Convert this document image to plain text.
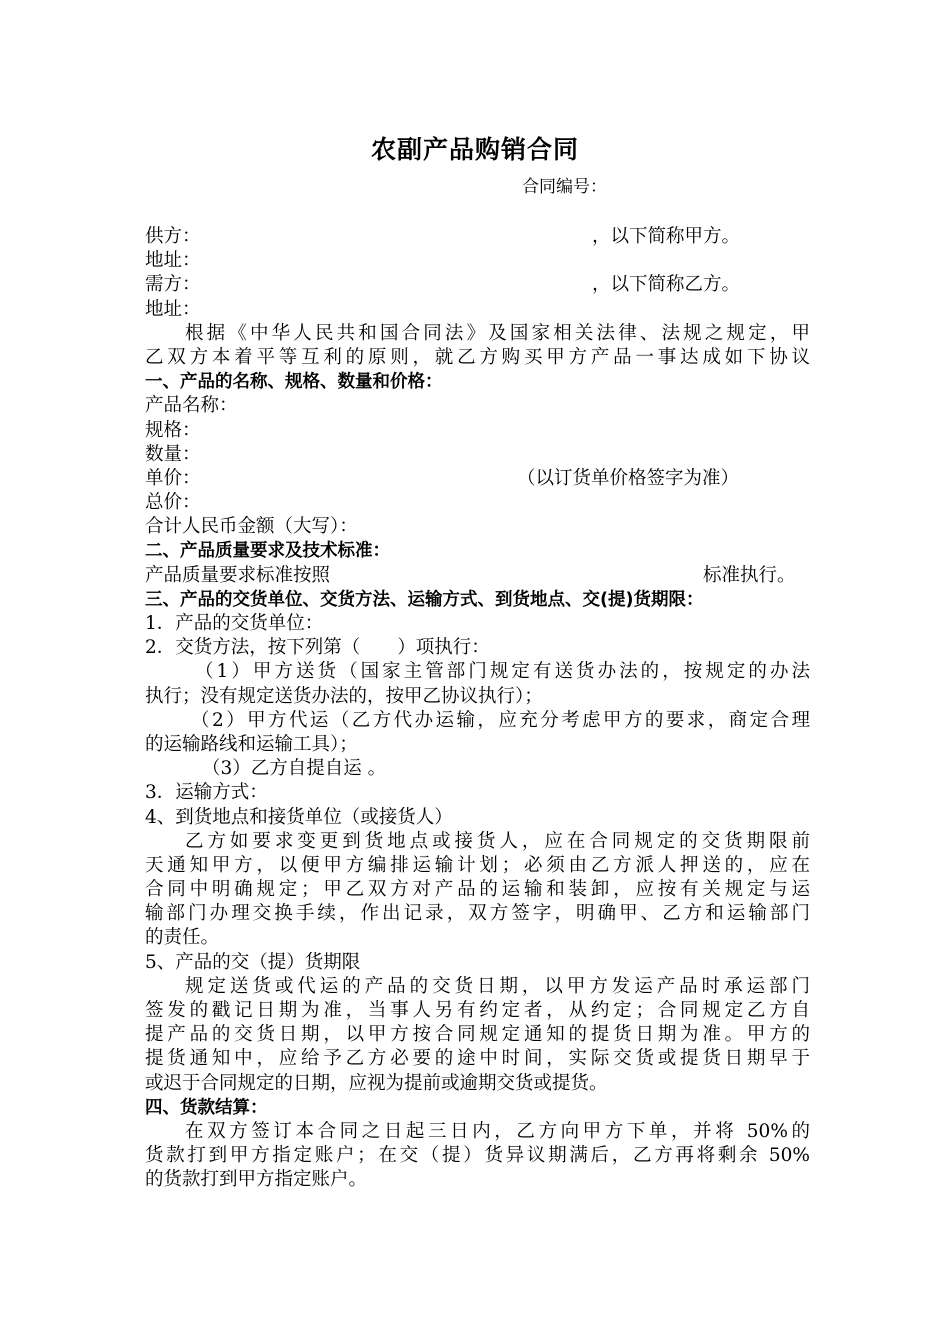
农副产品购销合同
合同编号：
供方：	，以下简称甲方。
地址：
需方：	，以下简称乙方。
地址：
根据《中华人民共和国合同法》及国家相关法律、法规之规定，甲
乙双方本着平等互利的原则，就乙方购买甲方产品一事达成如下协议
一、产品的名称、规格、数量和价格：
产品名称：
规格：
数量：
单价：	（以订货单价格签字为准）
总价：
合计人民币金额（大写）：
二、产品质量要求及技术标准：
产品质量要求标准按照	标准执行。
三、产品的交货单位、交货方法、运输方式、到货地点、交(提)货期限：
1．产品的交货单位：
2．交货方法，按下列第（　　）项执行：
（1）甲方送货（国家主管部门规定有送货办法的，按规定的办法
执行；没有规定送货办法的，按甲乙协议执行）；
（2）甲方代运（乙方代办运输，应充分考虑甲方的要求，商定合理
的运输路线和运输工具）；
（3）乙方自提自运 。
3．运输方式：
4、到货地点和接货单位（或接货人）
乙方如要求变更到货地点或接货人，应在合同规定的交货期限前
天通知甲方，以便甲方编排运输计划；必须由乙方派人押送的，应在
合同中明确规定；甲乙双方对产品的运输和装卸，应按有关规定与运
输部门办理交换手续，作出记录，双方签字，明确甲、乙方和运输部门
的责任。
5、产品的交（提）货期限
规定送货或代运的产品的交货日期，以甲方发运产品时承运部门
签发的戳记日期为准，当事人另有约定者，从约定；合同规定乙方自
提产品的交货日期，以甲方按合同规定通知的提货日期为准。甲方的
提货通知中，应给予乙方必要的途中时间，实际交货或提货日期早于
或迟于合同规定的日期，应视为提前或逾期交货或提货。
四、货款结算：
在双方签订本合同之日起三日内，乙方向甲方下单，并将 50%的
货款打到甲方指定账户；在交（提）货异议期满后，乙方再将剩余 50%
的货款打到甲方指定账户。
